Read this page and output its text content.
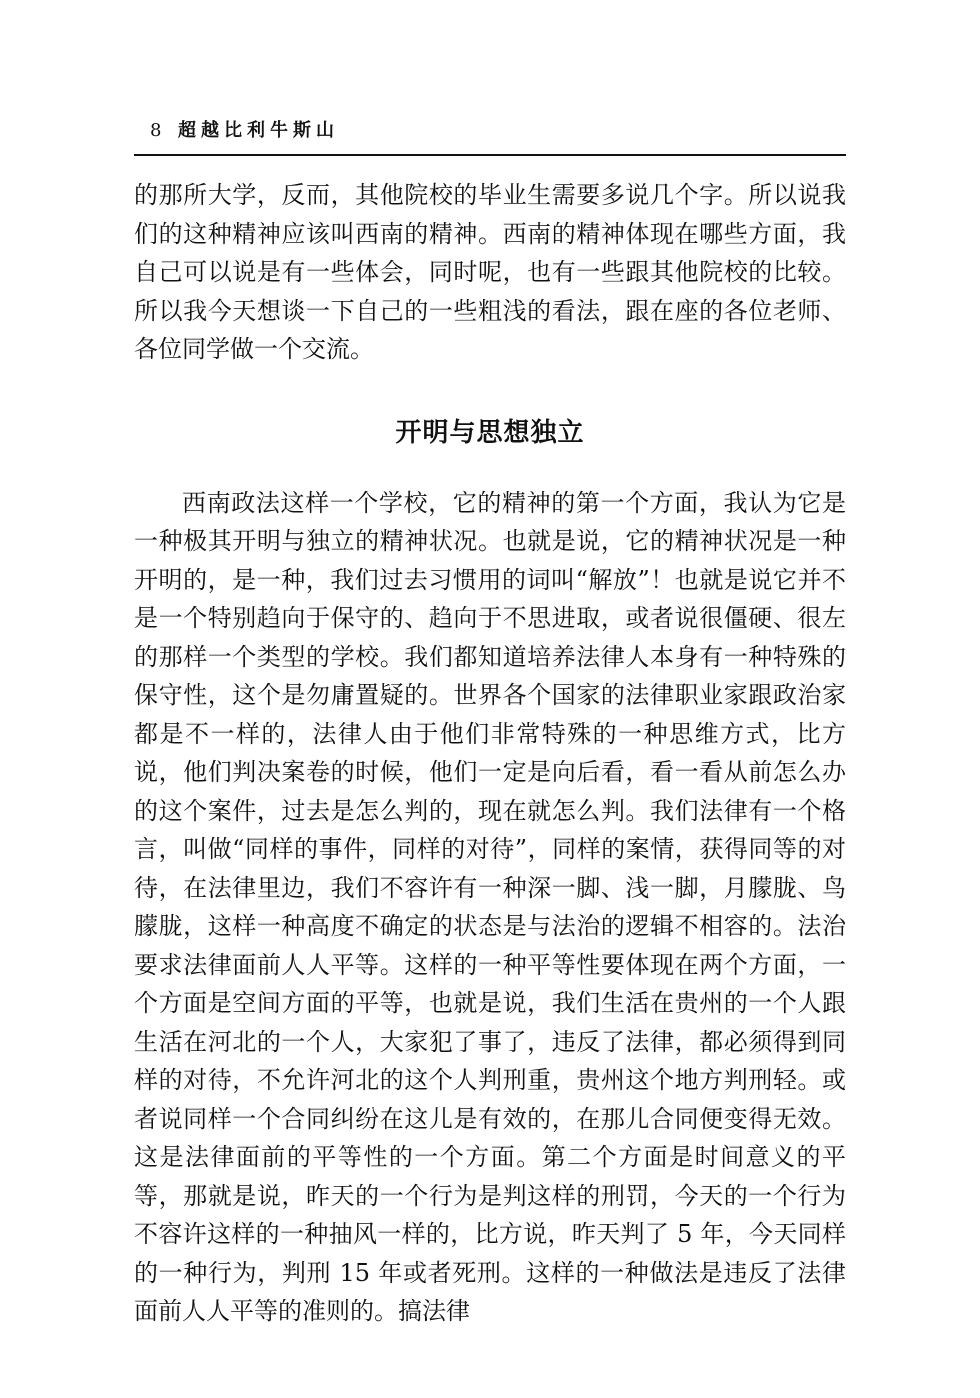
8 超越比利牛斯山

的那所大学，反而，其他院校的毕业生需要多说几个字。所以说我们的这种精神应该叫西南的精神。西南的精神体现在哪些方面，我自己可以说是有一些体会，同时呢，也有一些跟其他院校的比较。所以我今天想谈一下自己的一些粗浅的看法，跟在座的各位老师、各位同学做一个交流。

开明与思想独立

西南政法这样一个学校，它的精神的第一个方面，我认为它是一种极其开明与独立的精神状况。也就是说，它的精神状况是一种开明的，是一种，我们过去习惯用的词叫“解放”！也就是说它并不是一个特别趋向于保守的、趋向于不思进取，或者说很僵硬、很左的那样一个类型的学校。我们都知道培养法律人本身有一种特殊的保守性，这个是勿庸置疑的。世界各个国家的法律职业家跟政治家都是不一样的，法律人由于他们非常特殊的一种思维方式，比方说，他们判决案卷的时候，他们一定是向后看，看一看从前怎么办的这个案件，过去是怎么判的，现在就怎么判。我们法律有一个格言，叫做“同样的事件，同样的对待”，同样的案情，获得同等的对待，在法律里边，我们不容许有一种深一脚、浅一脚，月朦胧、鸟朦胧，这样一种高度不确定的状态是与法治的逻辑不相容的。法治要求法律面前人人平等。这样的一种平等性要体现在两个方面，一个方面是空间方面的平等，也就是说，我们生活在贵州的一个人跟生活在河北的一个人，大家犯了事了，违反了法律，都必须得到同样的对待，不允许河北的这个人判刑重，贵州这个地方判刑轻。或者说同样一个合同纠纷在这儿是有效的，在那儿合同便变得无效。这是法律面前的平等性的一个方面。第二个方面是时间意义的平等，那就是说，昨天的一个行为是判这样的刑罚，今天的一个行为不容许这样的一种抽风一样的，比方说，昨天判了 5 年，今天同样的一种行为，判刑 15 年或者死刑。这样的一种做法是违反了法律面前人人平等的准则的。搞法律
